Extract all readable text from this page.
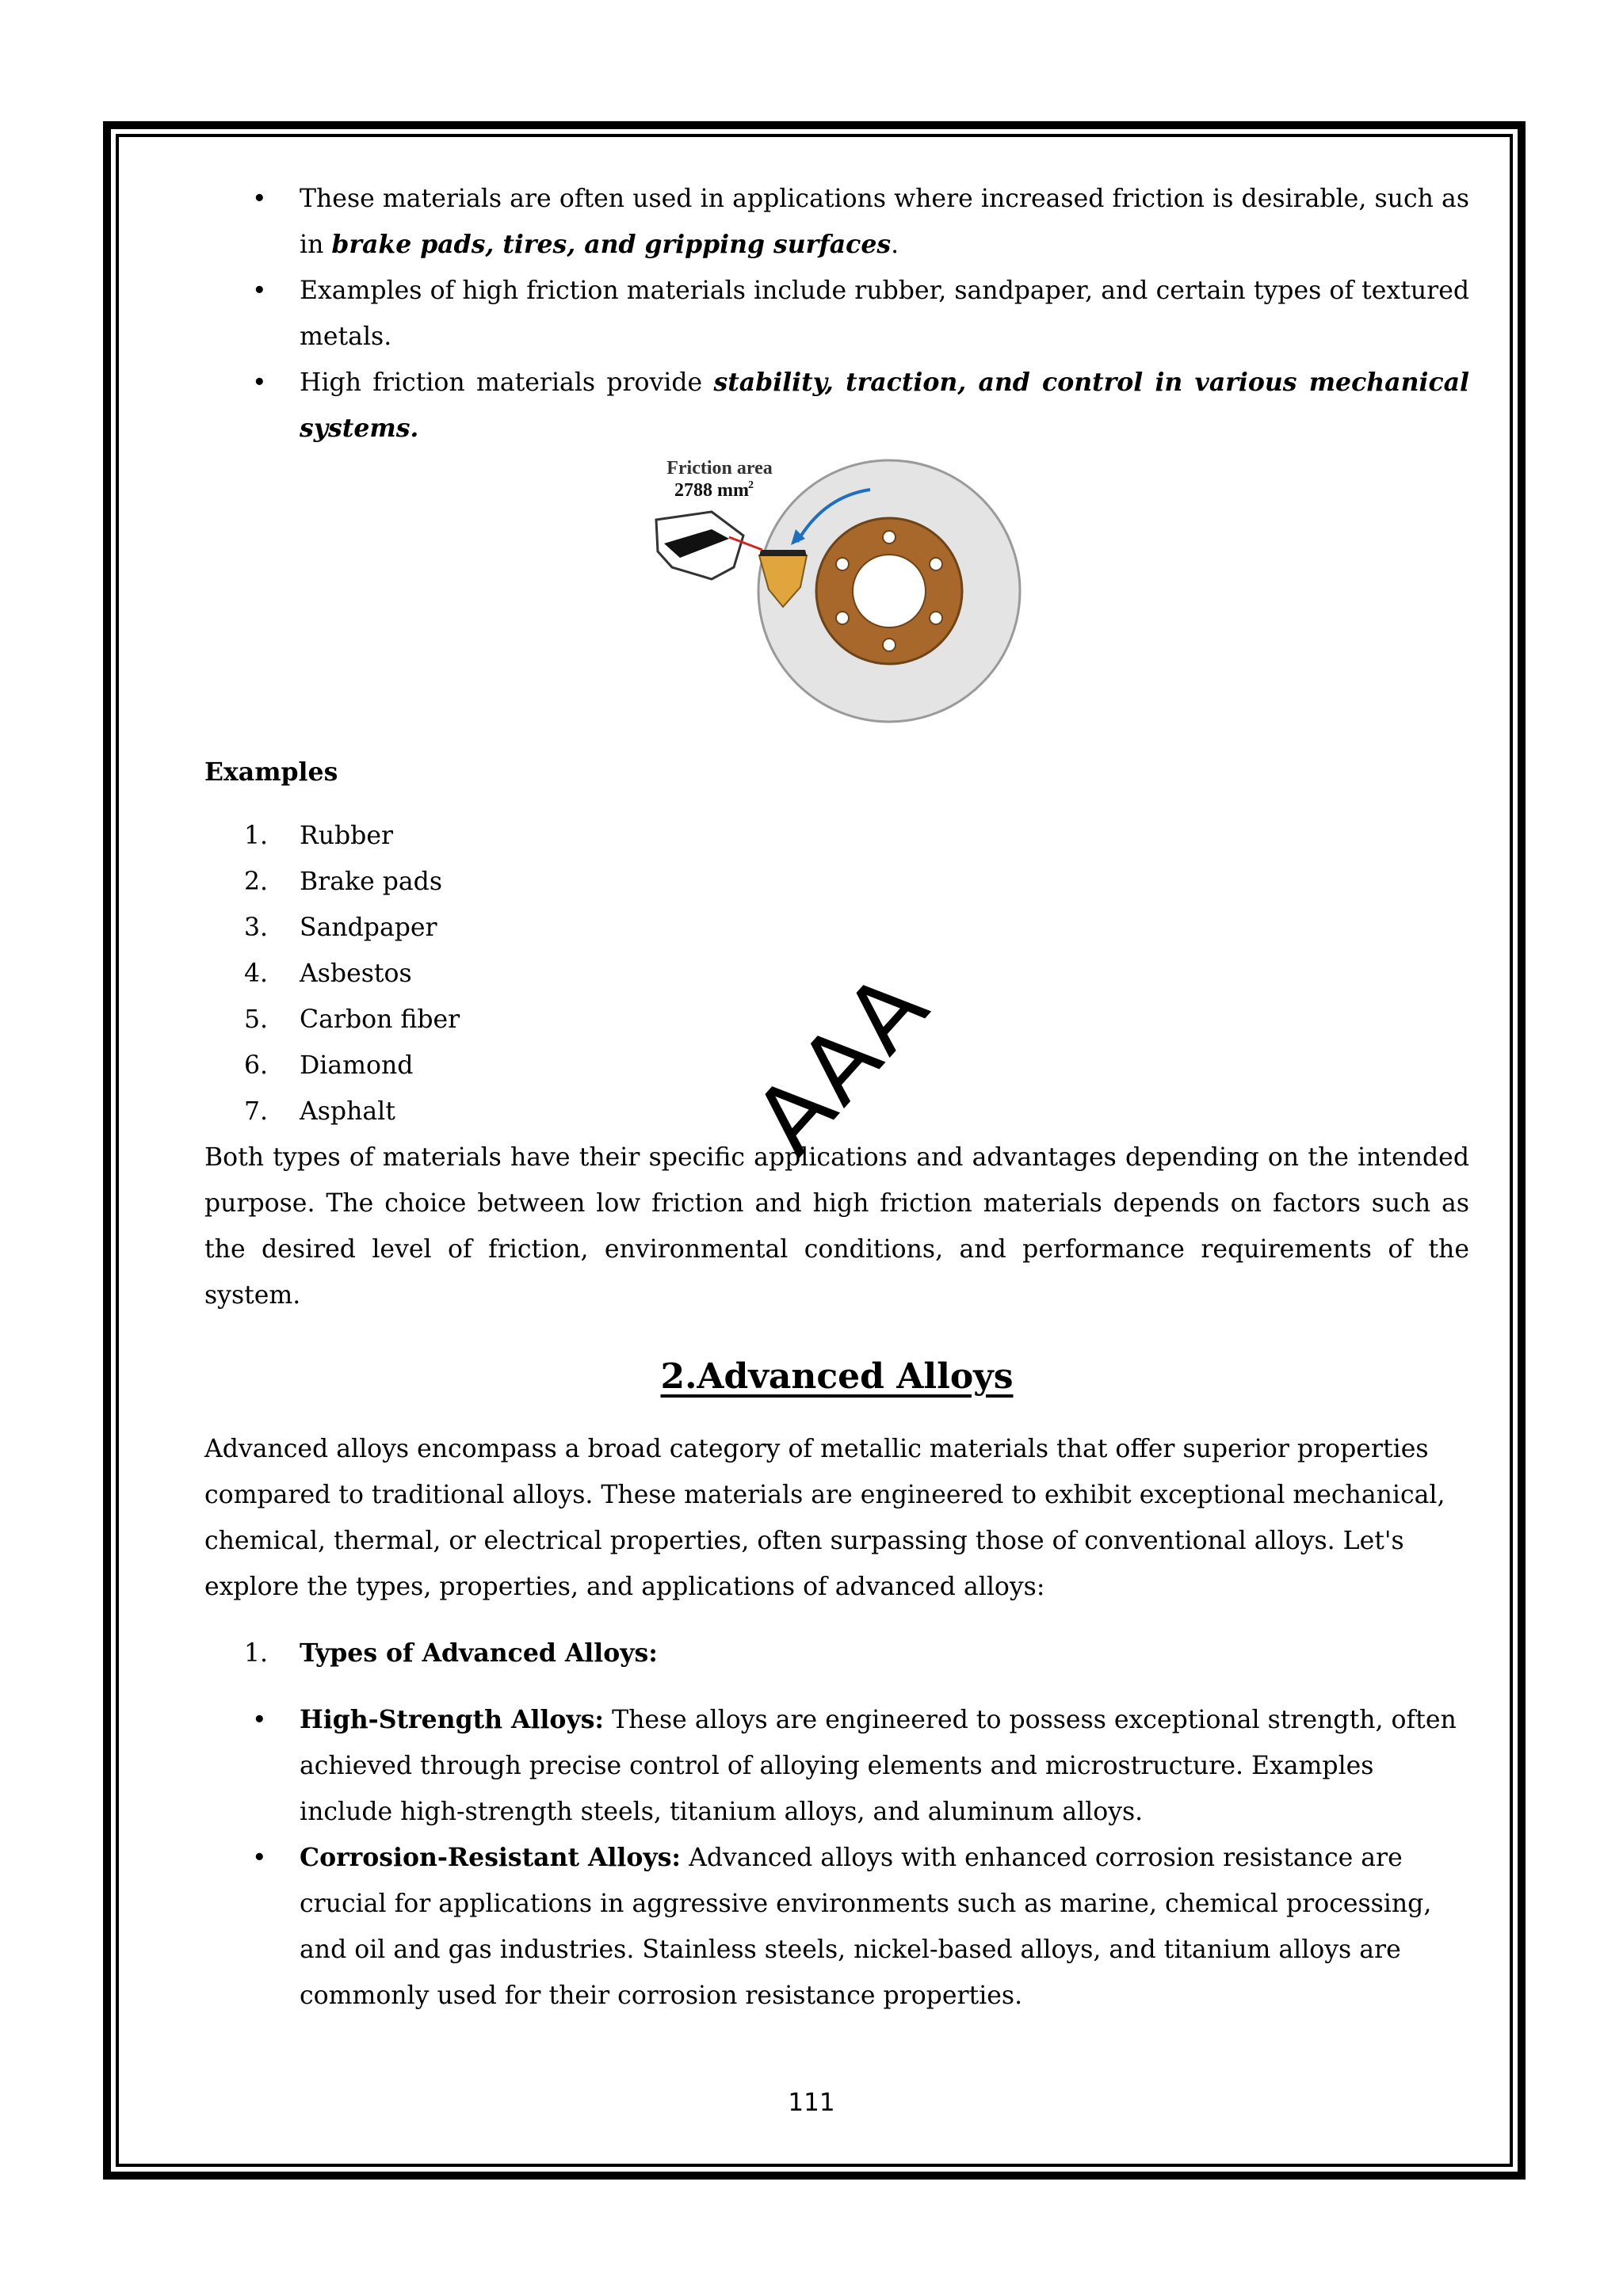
•	These materials are often used in applications where increased friction is desirable, such as in brake pads, tires, and gripping surfaces.
•	Examples of high friction materials include rubber, sandpaper, and certain types of textured metals.
•	High friction materials provide stability, traction, and control in various mechanical systems.
Friction area
2788 mm 2

Examples

1.	Rubber
2.	Brake pads
3.	Sandpaper
4.	Asbestos
5.	Carbon fiber
6.	Diamond
7.	Asphalt

Both types of materials have their specific applications and advantages depending on the intended purpose. The choice between low friction and high friction materials depends on factors such as the desired level of friction, environmental conditions, and performance requirements of the system.

2.Advanced Alloys

Advanced alloys encompass a broad category of metallic materials that offer superior properties compared to traditional alloys. These materials are engineered to exhibit exceptional mechanical, chemical, thermal, or electrical properties, often surpassing those of conventional alloys. Let's explore the types, properties, and applications of advanced alloys:

1.	Types of Advanced Alloys:
•	High-Strength Alloys: These alloys are engineered to possess exceptional strength, often achieved through precise control of alloying elements and microstructure. Examples include high-strength steels, titanium alloys, and aluminum alloys.
•	Corrosion-Resistant Alloys: Advanced alloys with enhanced corrosion resistance are crucial for applications in aggressive environments such as marine, chemical processing, and oil and gas industries. Stainless steels, nickel-based alloys, and titanium alloys are commonly used for their corrosion resistance properties.
AAA
111
